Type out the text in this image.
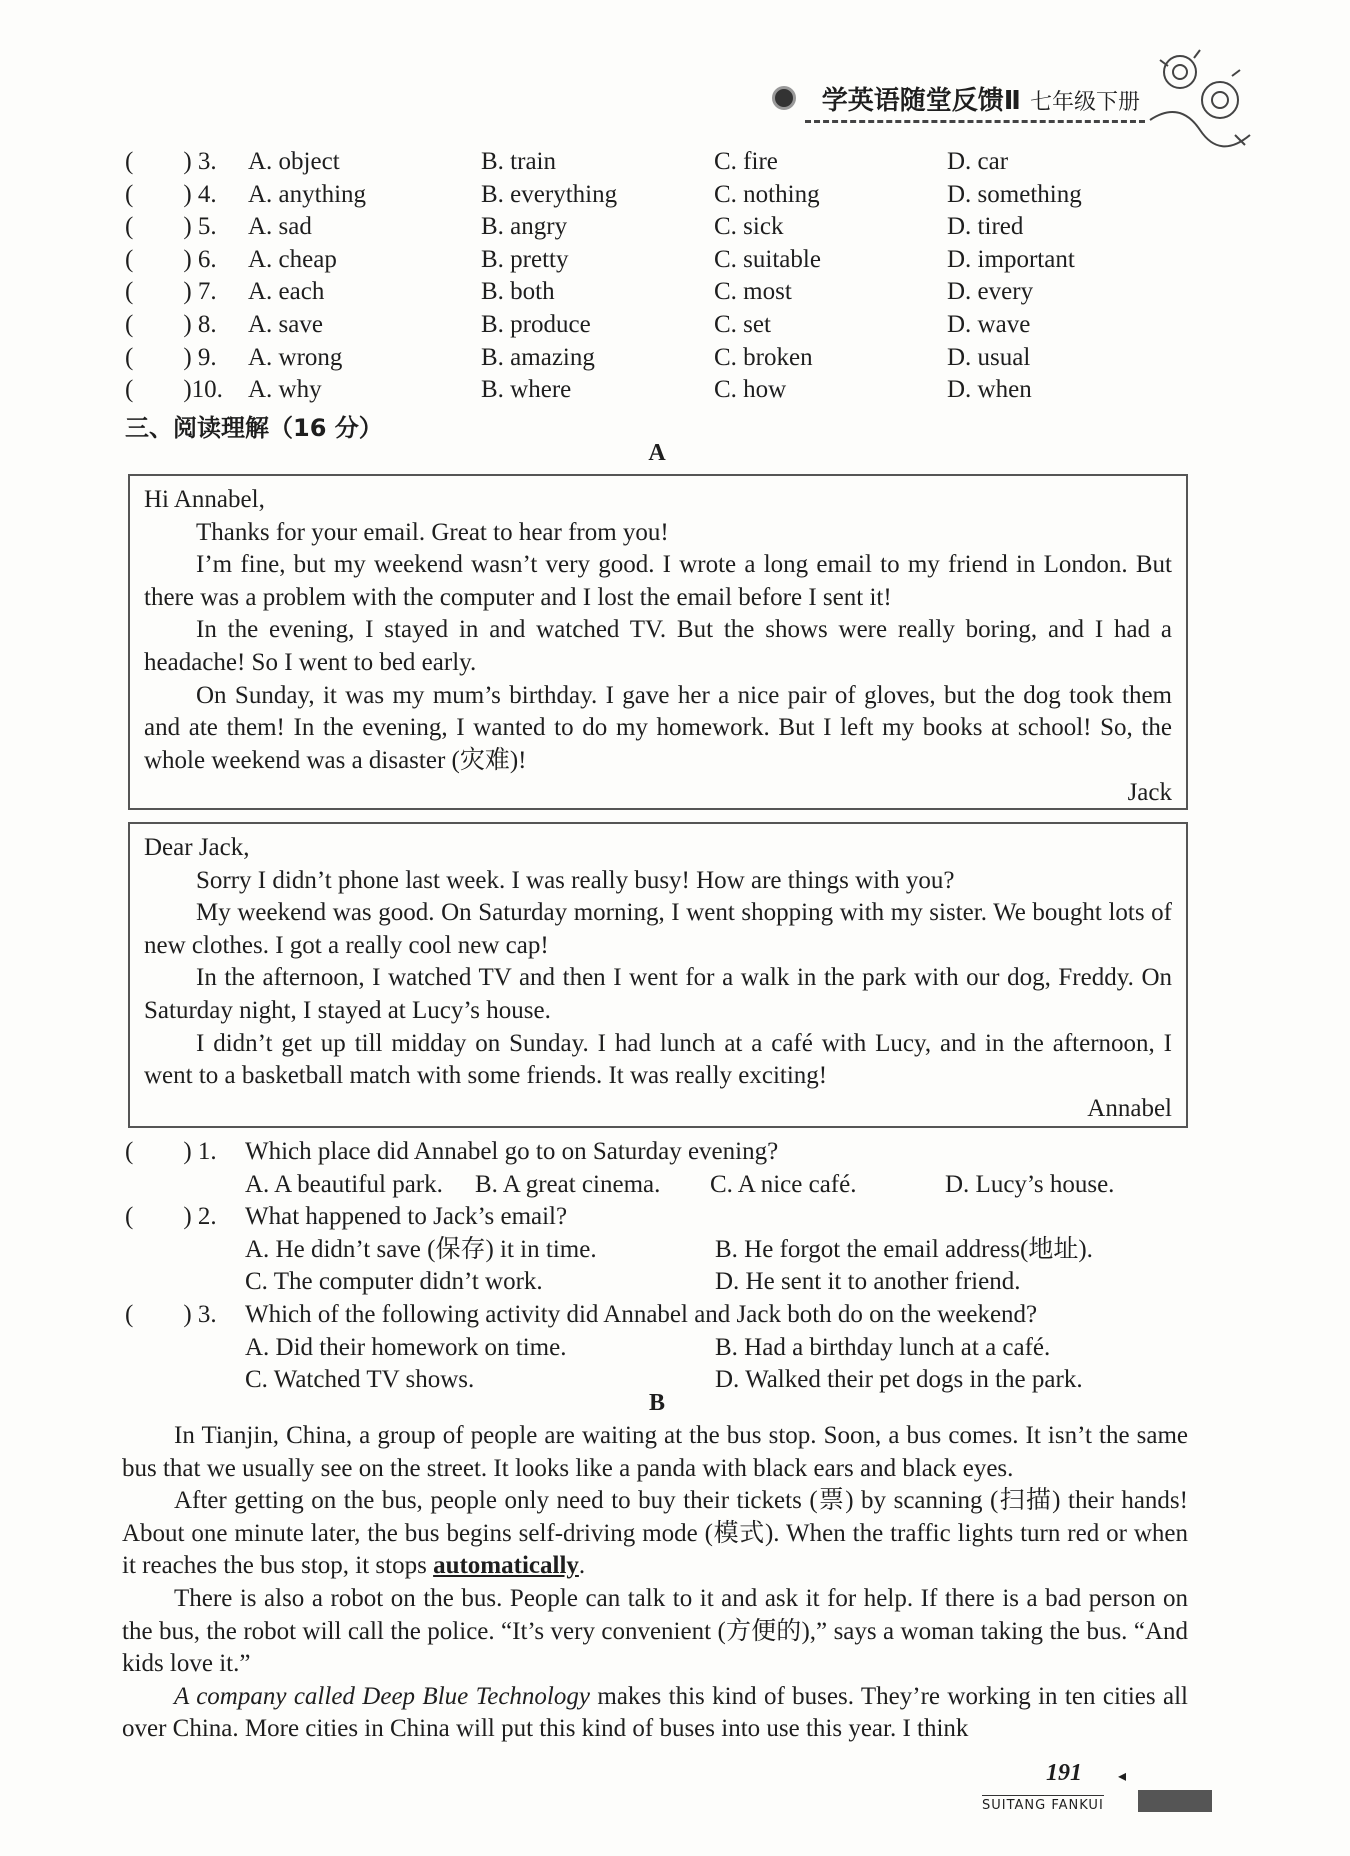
学英语随堂反馈Ⅱ 七年级下册
(　　) 3. A. object	B. train	C. fire	D. car
(　　) 4. A. anything	B. everything	C. nothing	D. something
(　　) 5. A. sad	B. angry	C. sick	D. tired
(　　) 6. A. cheap	B. pretty	C. suitable	D. important
(　　) 7. A. each	B. both	C. most	D. every
(　　) 8. A. save	B. produce	C. set	D. wave
(　　) 9. A. wrong	B. amazing	C. broken	D. usual
(　　)10. A. why	B. where	C. how	D. when
三、阅读理解（16 分）
A

Hi Annabel,

Thanks for your email. Great to hear from you!

I’m fine, but my weekend wasn’t very good. I wrote a long email to my friend in London. But there was a problem with the computer and I lost the email before I sent it!

In the evening, I stayed in and watched TV. But the shows were really boring, and I had a headache! So I went to bed early.

On Sunday, it was my mum’s birthday. I gave her a nice pair of gloves, but the dog took them and ate them! In the evening, I wanted to do my homework. But I left my books at school! So, the whole weekend was a disaster (灾难)!

Jack

Dear Jack,

Sorry I didn’t phone last week. I was really busy! How are things with you?

My weekend was good. On Saturday morning, I went shopping with my sister. We bought lots of new clothes. I got a really cool new cap!

In the afternoon, I watched TV and then I went for a walk in the park with our dog, Freddy. On Saturday night, I stayed at Lucy’s house.

I didn’t get up till midday on Sunday. I had lunch at a café with Lucy, and in the afternoon, I went to a basketball match with some friends. It was really exciting!

Annabel

(　　) 1. Which place did Annabel go to on Saturday evening?
A. A beautiful park. B. A great cinema. C. A nice café.	D. Lucy’s house.
(　　) 2. What happened to Jack’s email?
A. He didn’t save (保存) it in time.	B. He forgot the email address(地址).
C. The computer didn’t work.	D. He sent it to another friend.
(　　) 3. Which of the following activity did Annabel and Jack both do on the weekend?
A. Did their homework on time.	B. Had a birthday lunch at a café.
C. Watched TV shows.	D. Walked their pet dogs in the park.
B

In Tianjin, China, a group of people are waiting at the bus stop. Soon, a bus comes. It isn’t the same bus that we usually see on the street. It looks like a panda with black ears and black eyes.

After getting on the bus, people only need to buy their tickets (票) by scanning (扫描) their hands! About one minute later, the bus begins self-driving mode (模式). When the traffic lights turn red or when it reaches the bus stop, it stops automatically.

There is also a robot on the bus. People can talk to it and ask it for help. If there is a bad person on the bus, the robot will call the police. “It’s very convenient (方便的),” says a woman taking the bus. “And kids love it.”

A company called Deep Blue Technology makes this kind of buses. They’re working in ten cities all over China. More cities in China will put this kind of buses into use this year. I think

191 ◂
SUITANG FANKUI
